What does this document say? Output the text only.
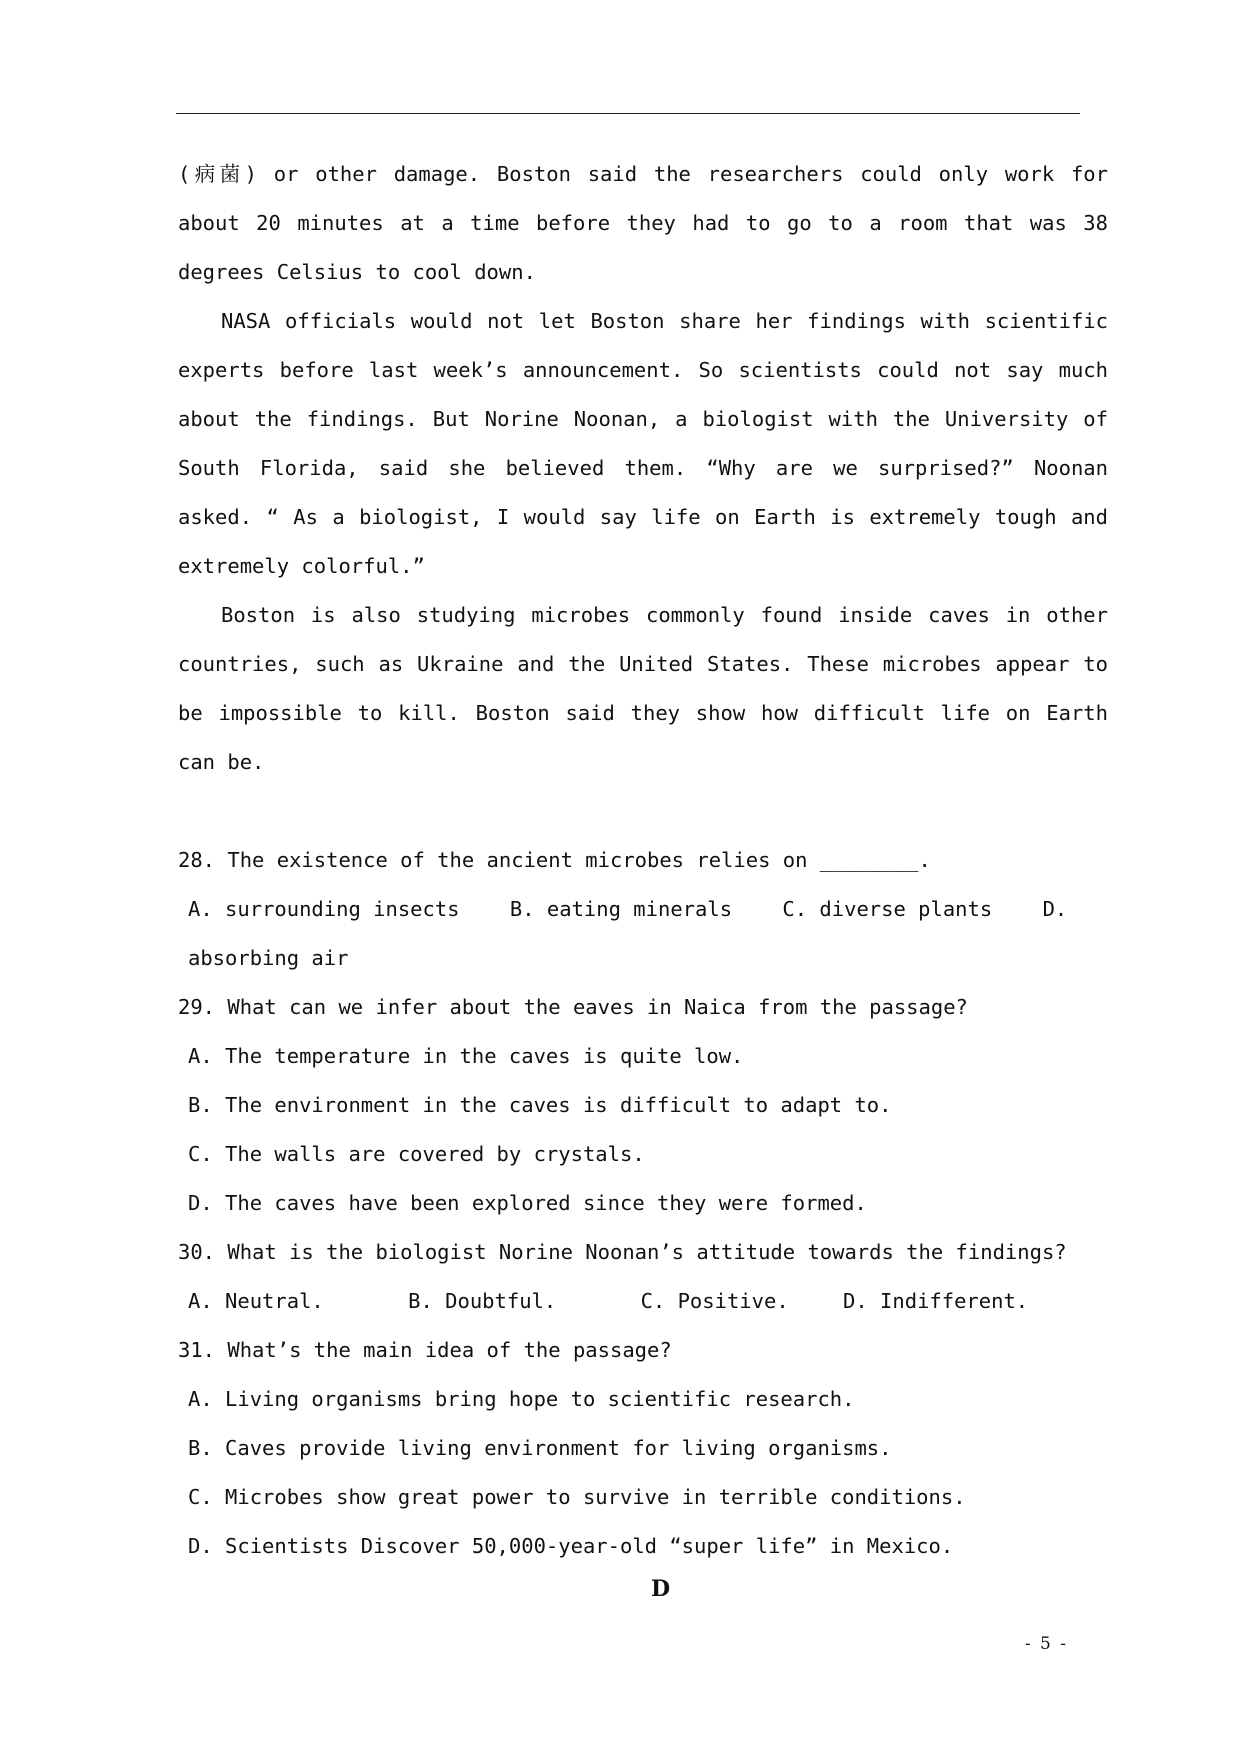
(病菌) or other damage. Boston said the researchers could only work for about 20 minutes at a time before they had to go to a room that was 38 degrees Celsius to cool down.

NASA officials would not let Boston share her findings with scientific experts before last week’s announcement. So scientists could not say much about the findings. But Norine Noonan, a biologist with the University of South Florida, said she believed them. “Why are we surprised?” Noonan asked. “ As a biologist, I would say life on Earth is extremely tough and extremely colorful.”

Boston is also studying microbes commonly found inside caves in other countries, such as Ukraine and the United States. These microbes appear to be impossible to kill. Boston said they show how difficult life on Earth can be.

28. The existence of the ancient microbes relies on ________.

A. surrounding insects B. eating minerals C. diverse plants D. absorbing air

29. What can we infer about the eaves in Naica from the passage?

A. The temperature in the caves is quite low.

B. The environment in the caves is difficult to adapt to.

C. The walls are covered by crystals.

D. The caves have been explored since they were formed.

30. What is the biologist Norine Noonan’s attitude towards the findings?

A. Neutral.	B. Doubtful.	C. Positive.	D. Indifferent.

31. What’s the main idea of the passage?

A. Living organisms bring hope to scientific research.

B. Caves provide living environment for living organisms.

C. Microbes show great power to survive in terrible conditions.

D. Scientists Discover 50,000-year-old “super life” in Mexico.

D
- 5 -
